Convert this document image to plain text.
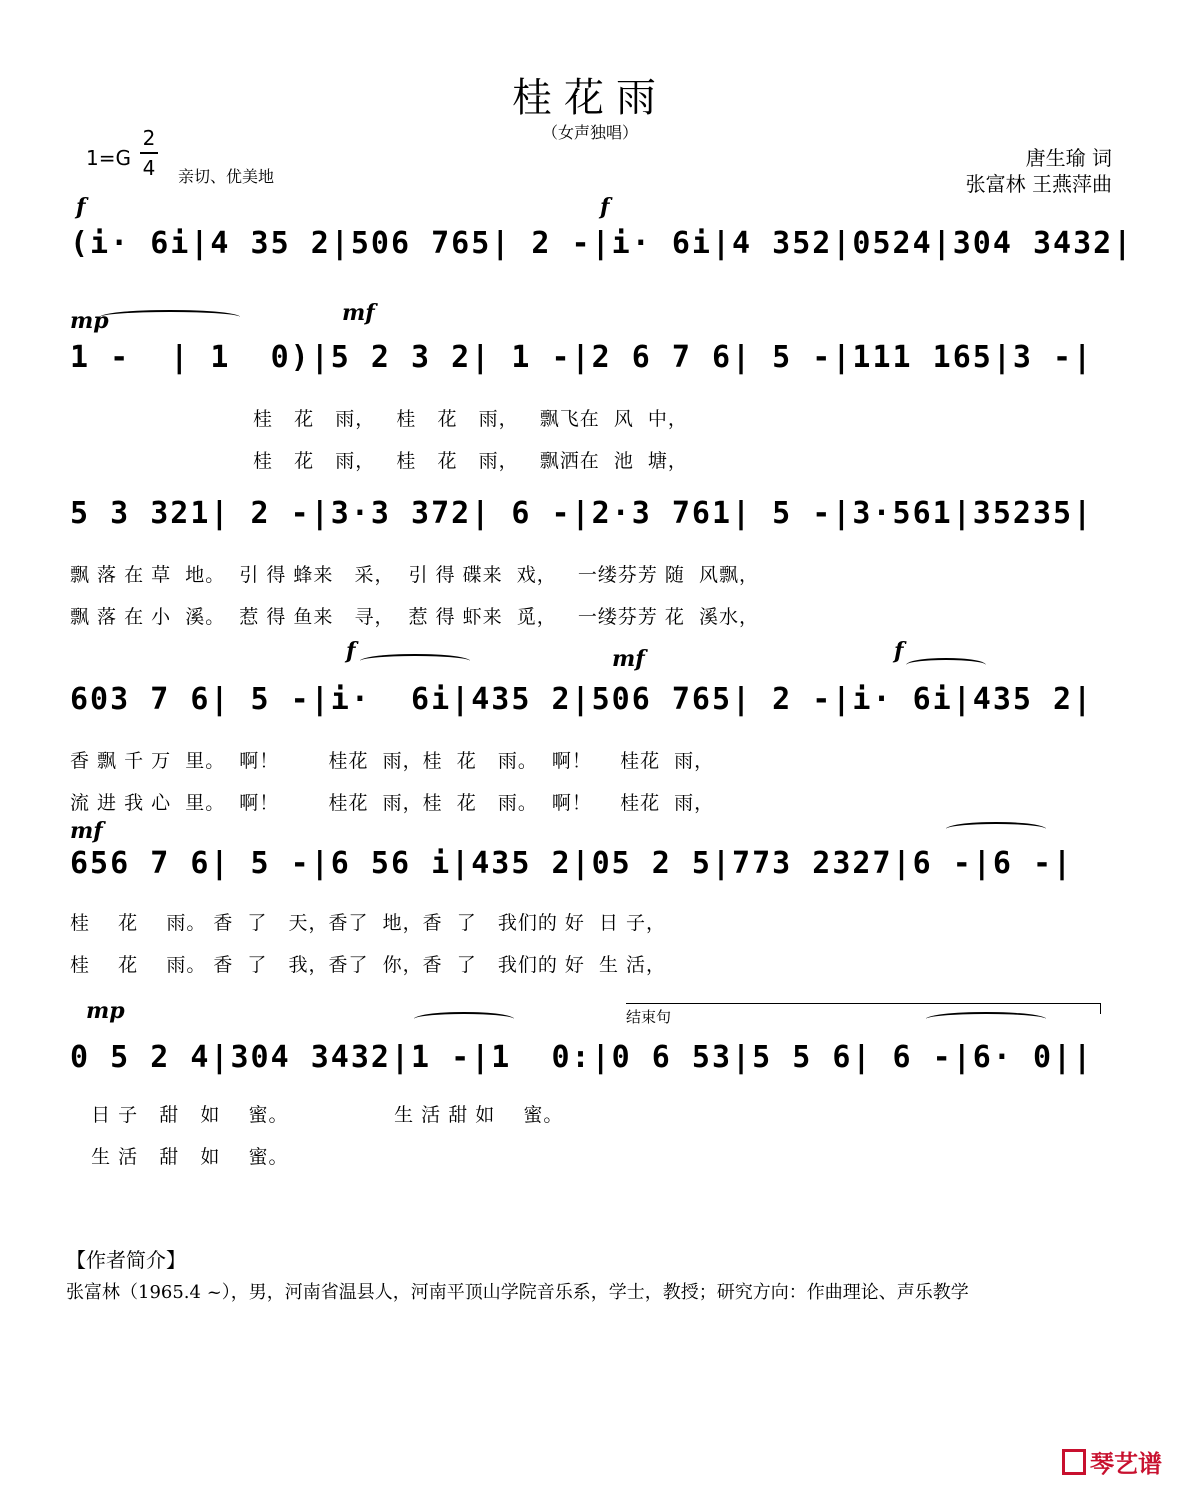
桂花雨
（女声独唱）
1=G
2
4 亲切、优美地
唐生瑜 词
张富林 王燕萍曲
f	f
(i· 6i|4 35 2|506 765| 2 -|i· 6i|4 352|0524|304 3432|
mp	mf
1 -  | 1  0)|5 2 3 2| 1 -|2 6 7 6| 5 -|111 165|3 -|
桂   花   雨，   桂   花   雨，   飘飞在  风  中，
桂   花   雨，   桂   花   雨，   飘洒在  池  塘，
5 3 321| 2 -|3·3 372| 6 -|2·3 761| 5 -|3·561|35235|
飘 落 在 草  地。  引 得 蜂来   采，  引 得 碟来  戏，   一缕芬芳 随  风飘，
飘 落 在 小  溪。  惹 得 鱼来   寻，  惹 得 虾来  觅，   一缕芬芳 花  溪水，
f	mf	f
603 7 6| 5 -|i·  6i|435 2|506 765| 2 -|i· 6i|435 2|
香 飘 千 万  里。  啊！       桂花  雨，桂  花   雨。  啊！    桂花  雨，
流 进 我 心  里。  啊！       桂花  雨，桂  花   雨。  啊！    桂花  雨，
mf
656 7 6| 5 -|6 56 i|435 2|05 2 5|773 2327|6 -|6 -|
桂    花    雨。 香  了   天，香了  地，香  了   我们的 好  日 子，
桂    花    雨。 香  了   我，香了  你，香  了   我们的 好  生 活，
结束句
mp
0 5 2 4|304 3432|1 -|1  0:|0 6 53|5 5 6| 6 -|6· 0||
日 子   甜   如    蜜。               生 活 甜 如    蜜。
生 活   甜   如    蜜。
【作者简介】
张富林（1965.4 ~），男，河南省温县人，河南平顶山学院音乐系，学士，教授；研究方向：作曲理论、声乐教学
琴艺谱
